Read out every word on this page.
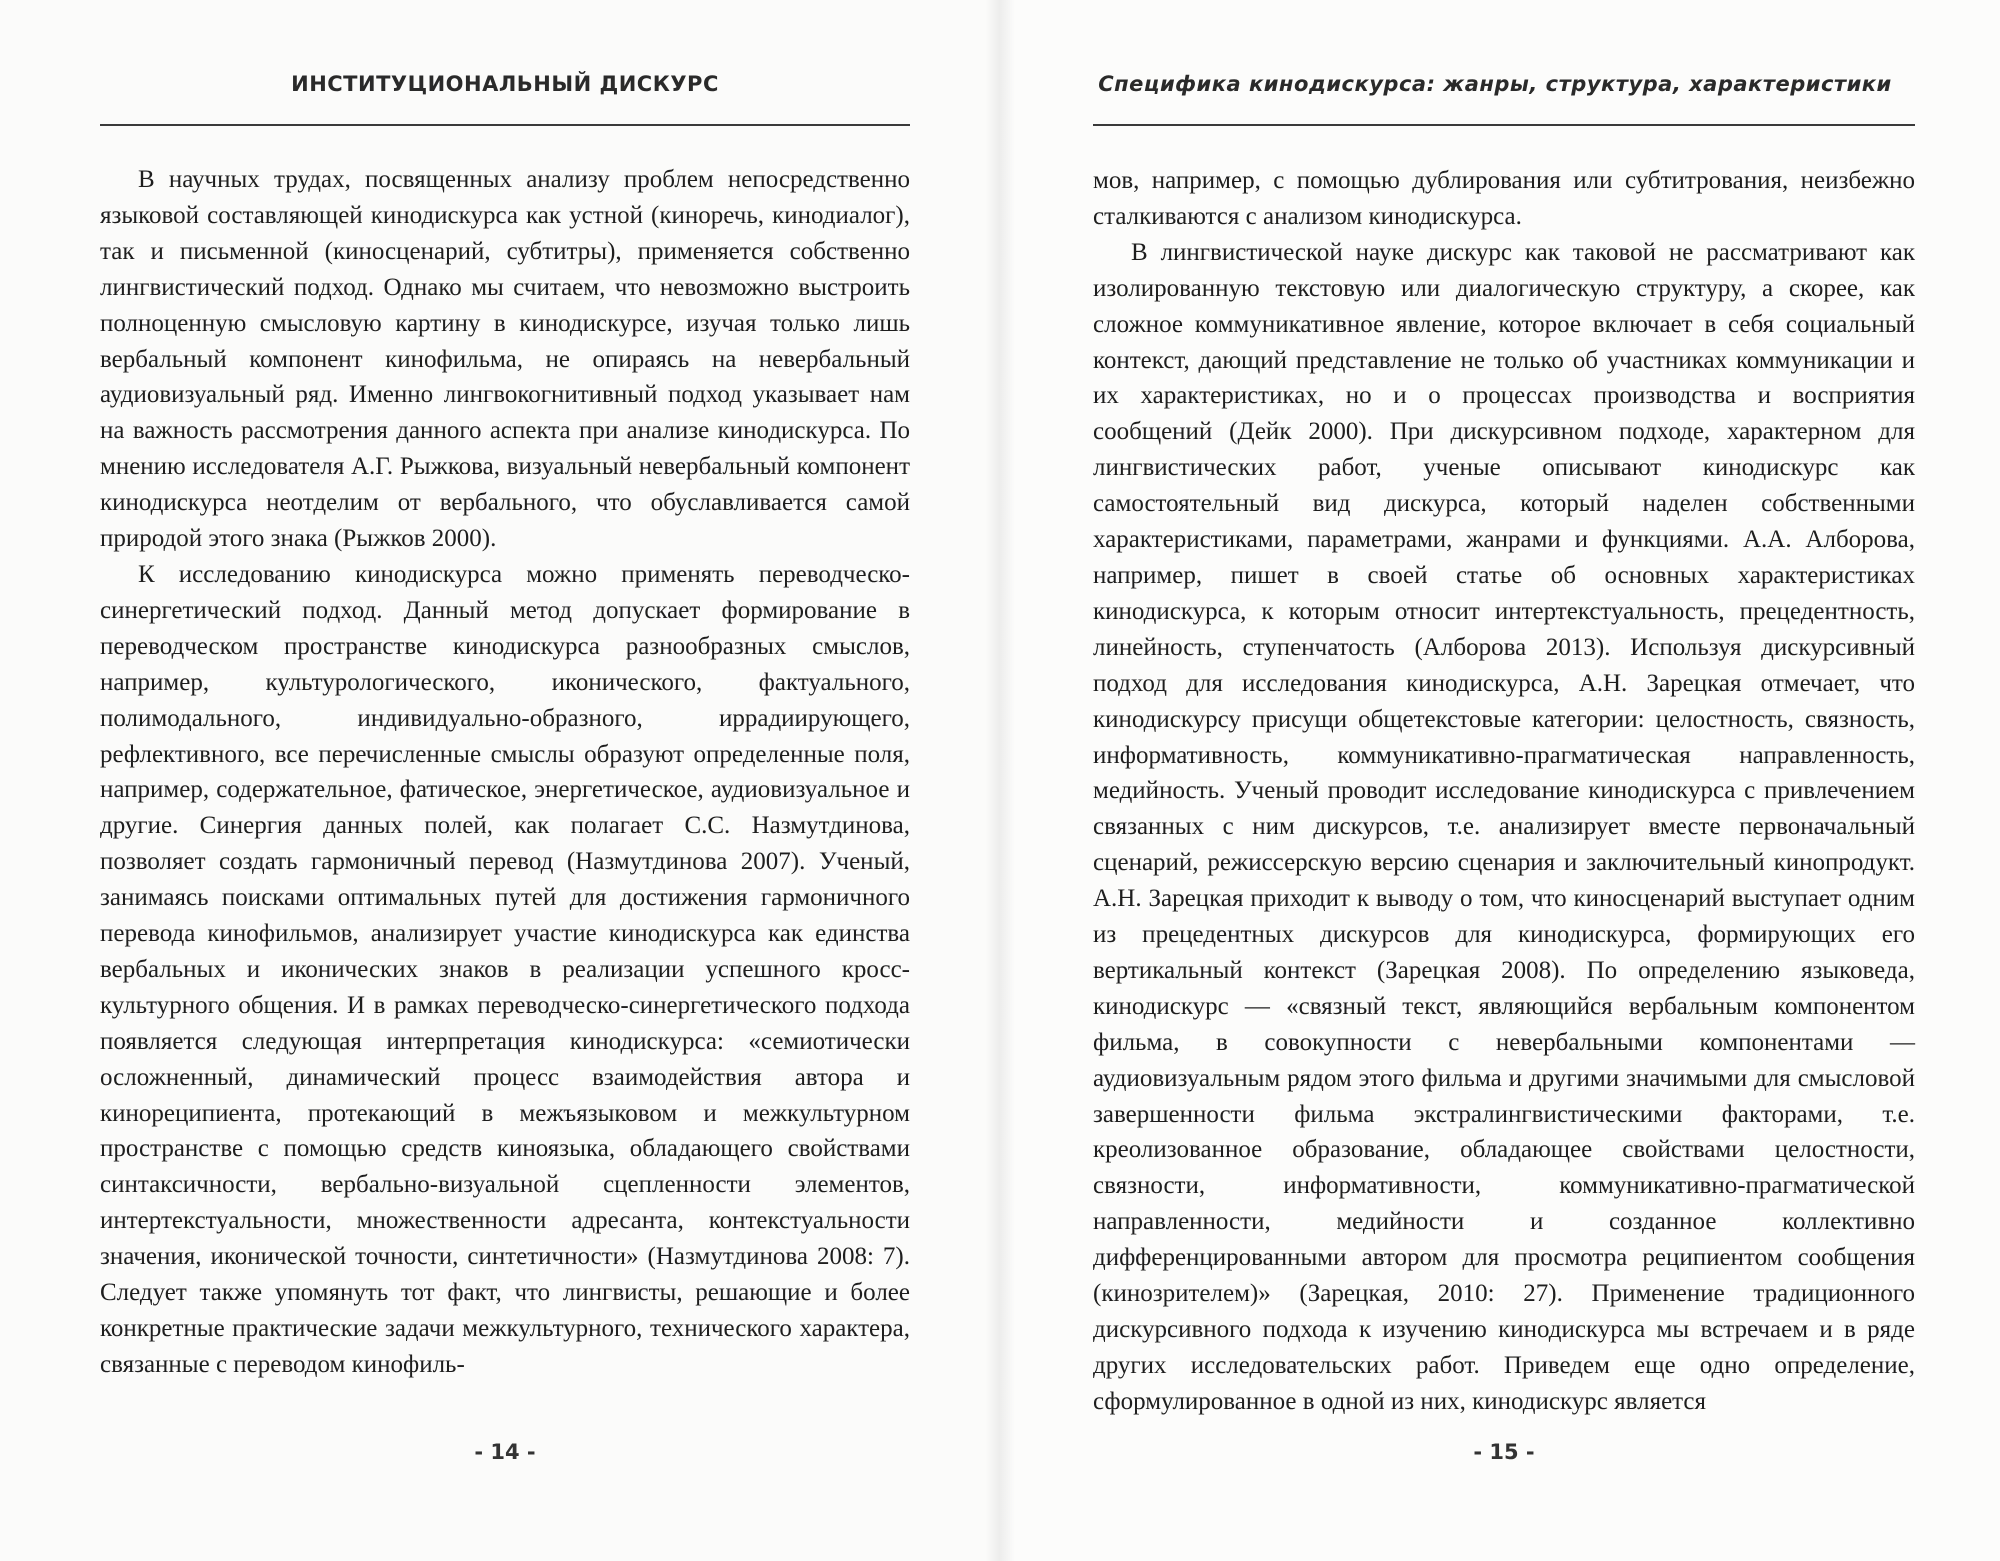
ИНСТИТУЦИОНАЛЬНЫЙ ДИСКУРС

В научных трудах, посвященных анализу проблем непосредственно языковой составляющей кинодискурса как устной (киноречь, кинодиалог), так и письменной (киносценарий, субтитры), применяется собственно лингвистический подход. Однако мы считаем, что невозможно выстроить полноценную смысловую картину в кинодискурсе, изучая только лишь вербальный компонент кинофильма, не опираясь на невербальный аудиовизуальный ряд. Именно лингвокогнитивный подход указывает нам на важность рассмотрения данного аспекта при анализе кинодискурса. По мнению исследователя А.Г. Рыжкова, визуальный невербальный компонент кинодискурса неотделим от вербального, что обуславливается самой природой этого знака (Рыжков 2000).

К исследованию кинодискурса можно применять переводческо-синергетический подход. Данный метод допускает формирование в переводческом пространстве кинодискурса разнообразных смыслов, например, культурологического, иконического, фактуального, полимодального, индивидуально-образного, иррадиирующего, рефлективного, все перечисленные смыслы образуют определенные поля, например, содержательное, фатическое, энергетическое, аудиовизуальное и другие. Синергия данных полей, как полагает С.С. Назмутдинова, позволяет создать гармоничный перевод (Назмутдинова 2007). Ученый, занимаясь поисками оптимальных путей для достижения гармоничного перевода кинофильмов, анализирует участие кинодискурса как единства вербальных и иконических знаков в реализации успешного кросс-культурного общения. И в рамках переводческо-синергетического подхода появляется следующая интерпретация кинодискурса: «семиотически осложненный, динамический процесс взаимодействия автора и кинореципиента, протекающий в межъязыковом и межкультурном пространстве с помощью средств киноязыка, обладающего свойствами синтаксичности, вербально-визуальной сцепленности элементов, интертекстуальности, множественности адресанта, контекстуальности значения, иконической точности, синтетичности» (Назмутдинова 2008: 7). Следует также упомянуть тот факт, что лингвисты, решающие и более конкретные практические задачи межкультурного, технического характера, связанные с переводом кинофиль-

- 14 -
Специфика кинодискурса: жанры, структура, характеристики

мов, например, с помощью дублирования или субтитрования, неизбежно сталкиваются с анализом кинодискурса.

В лингвистической науке дискурс как таковой не рассматривают как изолированную текстовую или диалогическую структуру, а скорее, как сложное коммуникативное явление, которое включает в себя социальный контекст, дающий представление не только об участниках коммуникации и их характеристиках, но и о процессах производства и восприятия сообщений (Дейк 2000). При дискурсивном подходе, характерном для лингвистических работ, ученые описывают кинодискурс как самостоятельный вид дискурса, который наделен собственными характеристиками, параметрами, жанрами и функциями. А.А. Алборова, например, пишет в своей статье об основных характеристиках кинодискурса, к которым относит интертекстуальность, прецедентность, линейность, ступенчатость (Алборова 2013). Используя дискурсивный подход для исследования кинодискурса, А.Н. Зарецкая отмечает, что кинодискурсу присущи общетекстовые категории: целостность, связность, информативность, коммуникативно-прагматическая направленность, медийность. Ученый проводит исследование кинодискурса с привлечением связанных с ним дискурсов, т.е. анализирует вместе первоначальный сценарий, режиссерскую версию сценария и заключительный кинопродукт. А.Н. Зарецкая приходит к выводу о том, что киносценарий выступает одним из прецедентных дискурсов для кинодискурса, формирующих его вертикальный контекст (Зарецкая 2008). По определению языковеда, кинодискурс — «связный текст, являющийся вербальным компонентом фильма, в совокупности с невербальными компонентами — аудиовизуальным рядом этого фильма и другими значимыми для смысловой завершенности фильма экстралингвистическими факторами, т.е. креолизованное образование, обладающее свойствами целостности, связности, информативности, коммуникативно-прагматической направленности, медийности и созданное коллективно дифференцированными автором для просмотра реципиентом сообщения (кинозрителем)» (Зарецкая, 2010: 27). Применение традиционного дискурсивного подхода к изучению кинодискурса мы встречаем и в ряде других исследовательских работ. Приведем еще одно определение, сформулированное в одной из них, кинодискурс является

- 15 -
